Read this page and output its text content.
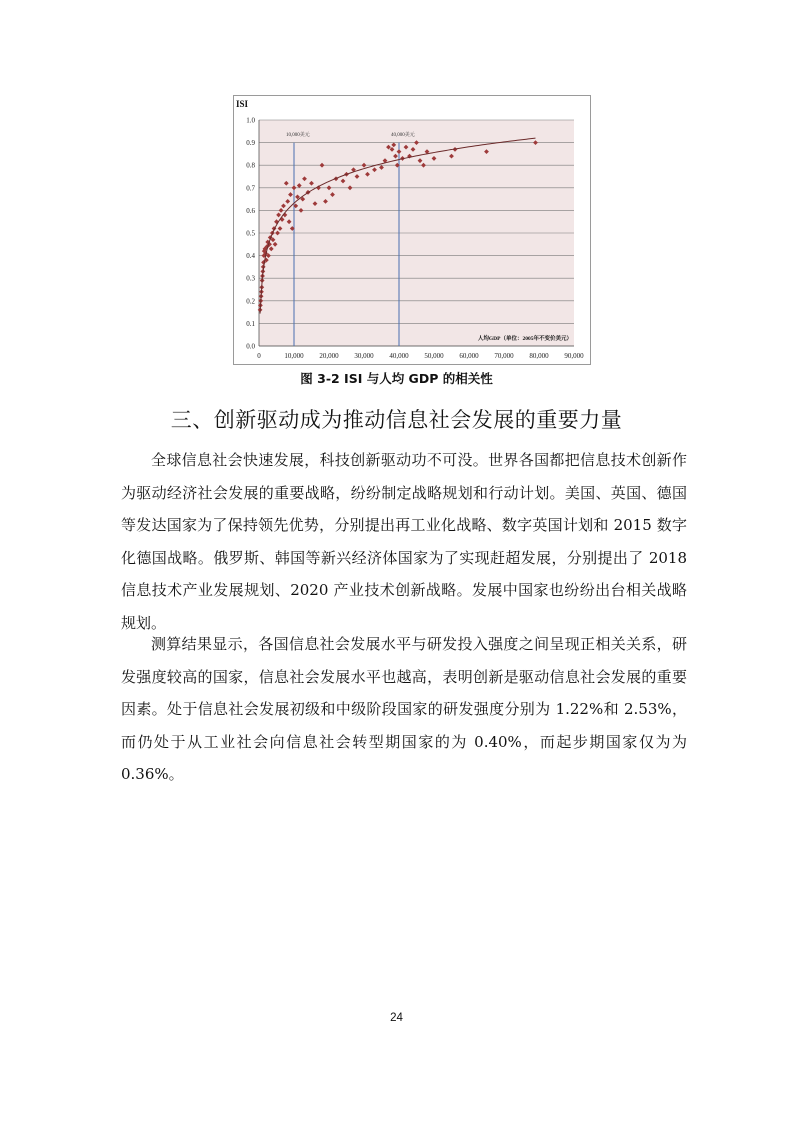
0.0
0.1
0.2
0.3
0.4
0.5
0.6
0.7
0.8
0.9
1.0
0	10,000 20,000 30,000 40,000 50,000 60,000 70,000 80,000 90,000
10,000美元	40,000美元
ISI
人均GDP（单位：2005年不变价美元）
图 3-2 ISI 与人均 GDP 的相关性
三、创新驱动成为推动信息社会发展的重要力量

全球信息社会快速发展，科技创新驱动功不可没。世界各国都把信息技术创新作为驱动经济社会发展的重要战略，纷纷制定战略规划和行动计划。美国、英国、德国等发达国家为了保持领先优势，分别提出再工业化战略、数字英国计划和 2015 数字化德国战略。俄罗斯、韩国等新兴经济体国家为了实现赶超发展，分别提出了 2018 信息技术产业发展规划、2020 产业技术创新战略。发展中国家也纷纷出台相关战略规划。

测算结果显示，各国信息社会发展水平与研发投入强度之间呈现正相关关系，研发强度较高的国家，信息社会发展水平也越高，表明创新是驱动信息社会发展的重要因素。处于信息社会发展初级和中级阶段国家的研发强度分别为 1.22%和 2.53%，而仍处于从工业社会向信息社会转型期国家的为 0.40%，而起步期国家仅为为 0.36%。

24
